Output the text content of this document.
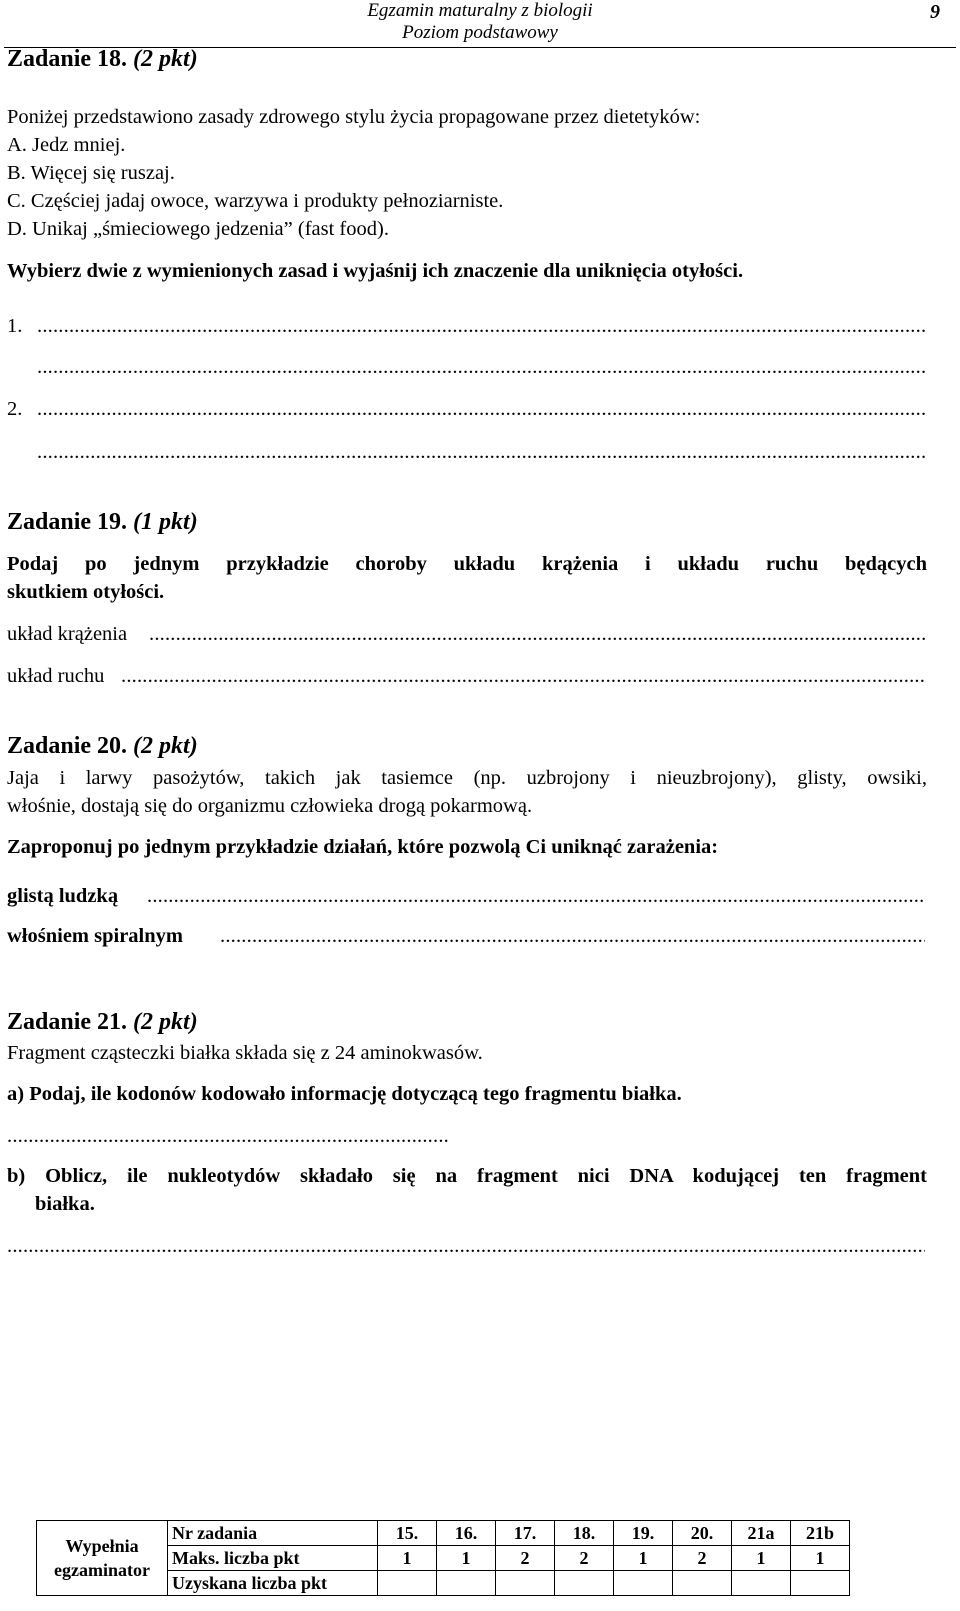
Egzamin maturalny z biologii
Poziom podstawowy
9
Zadanie 18. (2 pkt)
Poniżej przedstawiono zasady zdrowego stylu życia propagowane przez dietetyków:
A. Jedz mniej.
B. Więcej się ruszaj.
C. Częściej jadaj owoce, warzywa i produkty pełnoziarniste.
D. Unikaj „śmieciowego jedzenia” (fast food).
Wybierz dwie z wymienionych zasad i wyjaśnij ich znaczenie dla uniknięcia otyłości.
1.
.....
.....
2.
.....
.....
Zadanie 19. (1 pkt)
Podaj po jednym przykładzie choroby układu krążenia i układu ruchu będących
skutkiem otyłości.
układ krążenia
.....
układ ruchu
.....
Zadanie 20. (2 pkt)
Jaja i larwy pasożytów, takich jak tasiemce (np. uzbrojony i nieuzbrojony), glisty, owsiki,
włośnie, dostają się do organizmu człowieka drogą pokarmową.
Zaproponuj po jednym przykładzie działań, które pozwolą Ci uniknąć zarażenia:
glistą ludzką
.....
włośniem spiralnym
.....
Zadanie 21. (2 pkt)
Fragment cząsteczki białka składa się z 24 aminokwasów.
a) Podaj, ile kodonów kodowało informację dotyczącą tego fragmentu białka.
.....
b) Oblicz, ile nukleotydów składało się na fragment nici DNA kodującej ten fragment
białka.
.....
Wypełnia egzaminator	Nr zadania	15.	16.	17.	18.	19.	20.	21a	21b
	Maks. liczba pkt	1	1	2	2	1	2	1	1
	Uzyskana liczba pkt								
